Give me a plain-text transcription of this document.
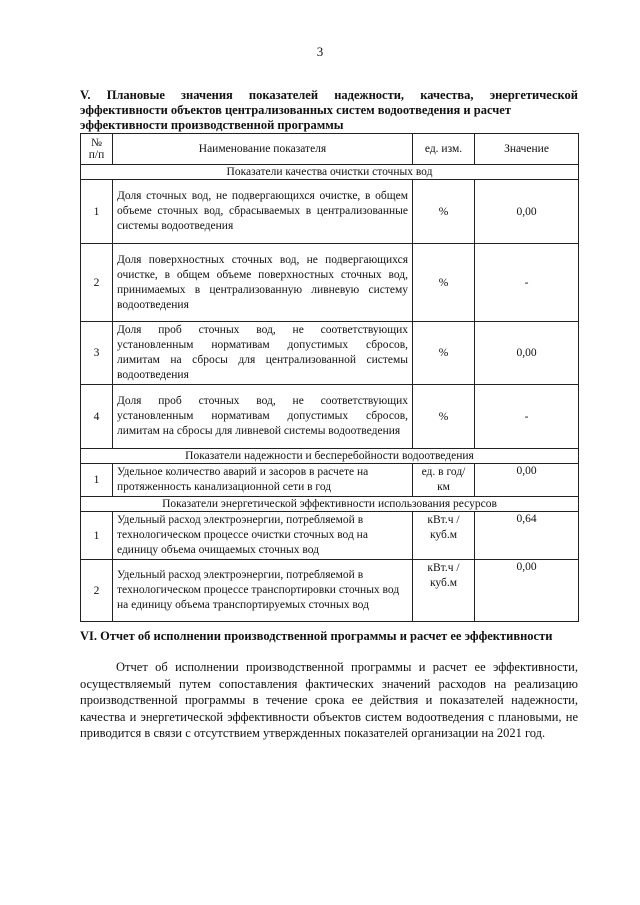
3
V. Плановые значения показателей надежности, качества, энергетической эффективности объектов централизованных систем водоотведения и расчет
эффективности производственной программы
№ п/п	Наименование показателя	ед. изм.	Значение
Показатели качества очистки сточных вод			
1	Доля сточных вод, не подвергающихся очистке, в общем объеме сточных вод, сбрасываемых в централизованные системы водоотведения	%	0,00
2	Доля поверхностных сточных вод, не подвергающихся очистке, в общем объеме поверхностных сточных вод, принимаемых в централизованную ливневую систему водоотведения	%	-
3	Доля проб сточных вод, не соответствующих установленным нормативам допустимых сбросов, лимитам на сбросы для централизованной системы водоотведения	%	0,00
4	Доля проб сточных вод, не соответствующих установленным нормативам допустимых сбросов, лимитам на сбросы для ливневой системы водоотведения	%	-
Показатели надежности и бесперебойности водоотведения			
1	Удельное количество аварий и засоров в расчете на протяженность канализационной сети в год	ед. в год/ км	0,00
Показатели энергетической эффективности использования ресурсов			
1	Удельный расход электроэнергии, потребляемой в технологическом процессе очистки сточных вод на единицу объема очищаемых сточных вод	кВт.ч / куб.м	0,64
2	Удельный расход электроэнергии, потребляемой в технологическом процессе транспортировки сточных вод на единицу объема транспортируемых сточных вод	кВт.ч / куб.м	0,00
VI. Отчет об исполнении производственной программы и расчет ее эффективности
Отчет об исполнении производственной программы и расчет ее эффективности, осуществляемый путем сопоставления фактических значений расходов на реализацию производственной программы в течение срока ее действия и показателей надежности, качества и энергетической эффективности объектов систем водоотведения с плановыми, не приводится в связи с отсутствием утвержденных показателей организации на 2021 год.
